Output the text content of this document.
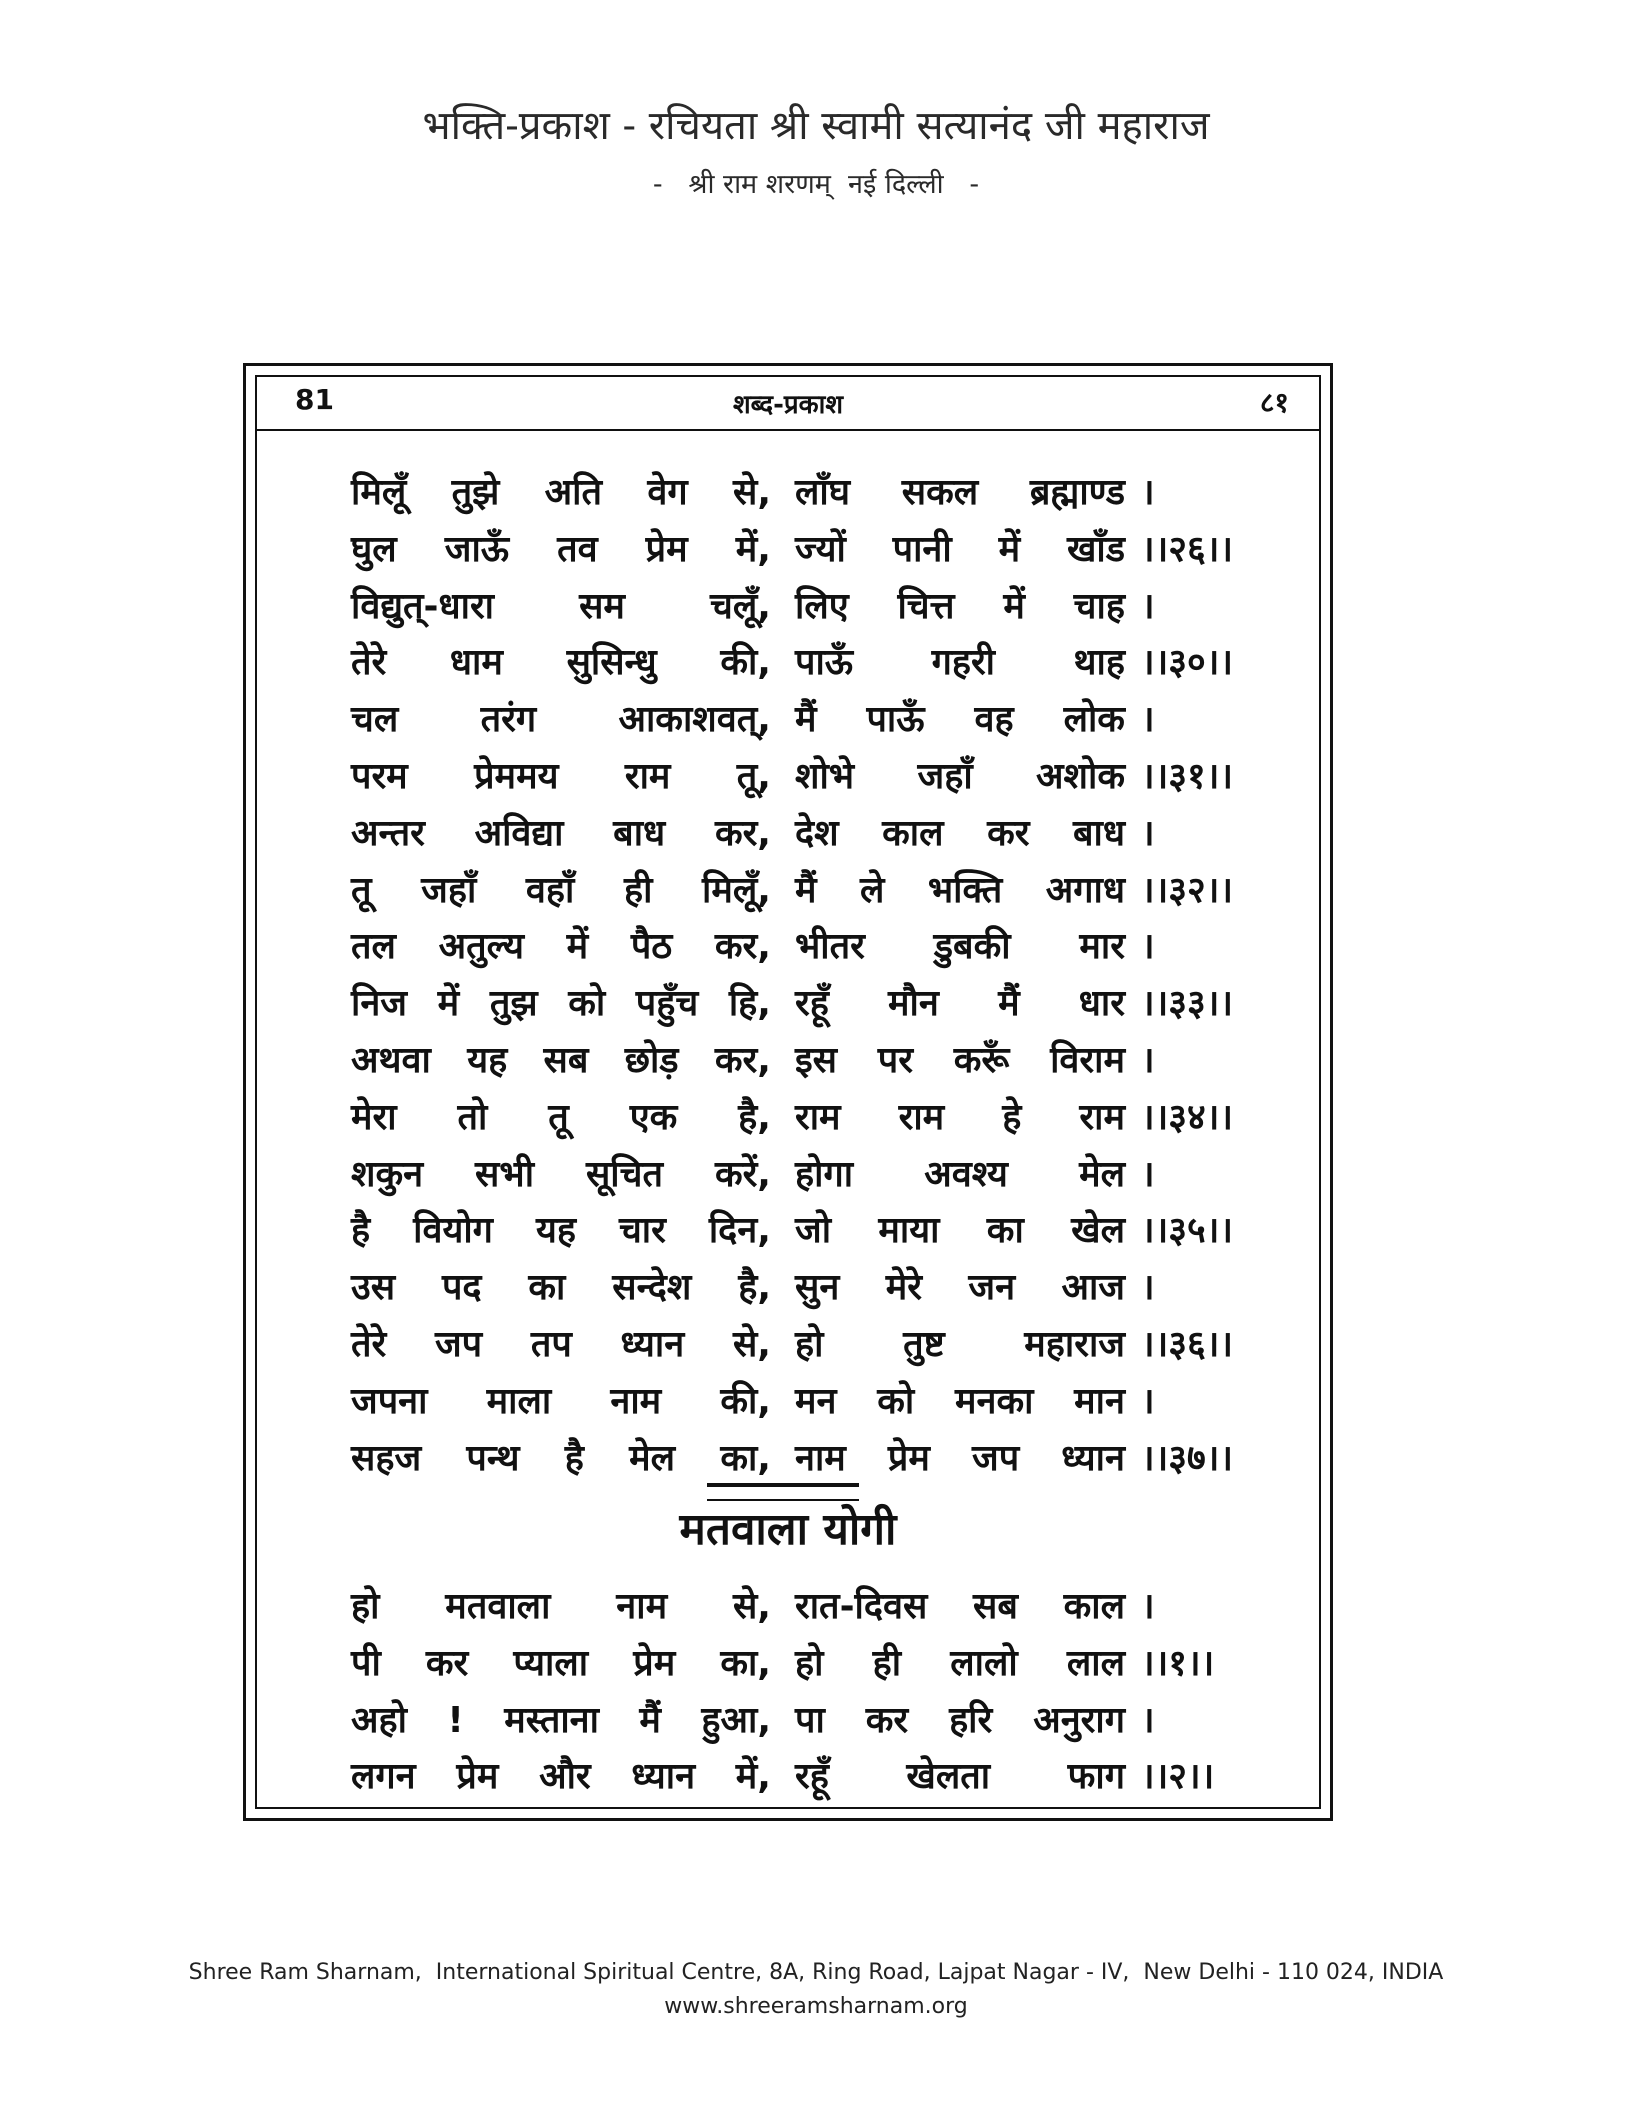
भक्ति-प्रकाश - रचियता श्री स्वामी सत्यानंद जी महाराज
-   श्री राम शरणम्  नई दिल्ली   -
81	शब्द-प्रकाश	८१
मिलूँ तुझे अति वेग से, लाँघ सकल ब्रह्माण्ड ।
घुल जाऊँ तव प्रेम में, ज्यों पानी में खाँड ।।२६।।
विद्युत्-धारा सम चलूँ, लिए चित्त में चाह ।
तेरे धाम सुसिन्धु की, पाऊँ गहरी थाह ।।३०।।
चल तरंग आकाशवत्, मैं पाऊँ वह लोक ।
परम प्रेममय राम तू, शोभे जहाँ अशोक ।।३१।।
अन्तर अविद्या बाध कर, देश काल कर बाध ।
तू जहाँ वहाँ ही मिलूँ, मैं ले भक्ति अगाध ।।३२।।
तल अतुल्य में पैठ कर, भीतर डुबकी मार ।
निज में तुझ को पहुँच हि, रहूँ मौन मैं धार ।।३३।।
अथवा यह सब छोड़ कर, इस पर करूँ विराम ।
मेरा तो तू एक है, राम राम हे राम ।।३४।।
शकुन सभी सूचित करें, होगा अवश्य मेल ।
है वियोग यह चार दिन, जो माया का खेल ।।३५।।
उस पद का सन्देश है, सुन मेरे जन आज ।
तेरे जप तप ध्यान से, हो तुष्ट महाराज ।।३६।।
जपना माला नाम की, मन को मनका मान ।
सहज पन्थ है मेल का, नाम प्रेम जप ध्यान ।।३७।।
मतवाला योगी
हो मतवाला नाम से, रात-दिवस सब काल ।
पी कर प्याला प्रेम का, हो ही लालो लाल ।।१।।
अहो ! मस्ताना मैं हुआ, पा कर हरि अनुराग ।
लगन प्रेम और ध्यान में, रहूँ खेलता फाग ।।२।।
Shree Ram Sharnam,  International Spiritual Centre, 8A, Ring Road, Lajpat Nagar - IV,  New Delhi - 110 024, INDIA
www.shreeramsharnam.org
